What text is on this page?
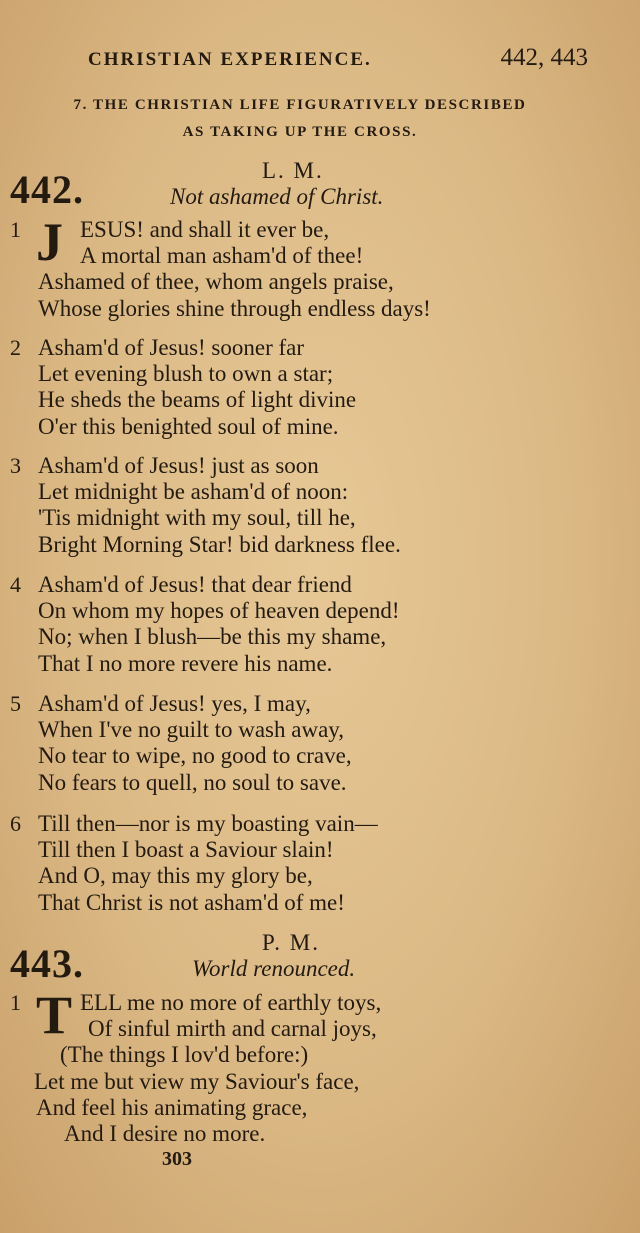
CHRISTIAN EXPERIENCE.	442, 443
7. THE CHRISTIAN LIFE FIGURATIVELY DESCRIBED
AS TAKING UP THE CROSS.
442.	L. M.
Not ashamed of Christ.
1 J ESUS! and shall it ever be,
A mortal man asham'd of thee!
Ashamed of thee, whom angels praise,
Whose glories shine through endless days!
2 Asham'd of Jesus! sooner far
Let evening blush to own a star;
He sheds the beams of light divine
O'er this benighted soul of mine.
3 Asham'd of Jesus! just as soon
Let midnight be asham'd of noon:
'Tis midnight with my soul, till he,
Bright Morning Star! bid darkness flee.
4 Asham'd of Jesus! that dear friend
On whom my hopes of heaven depend!
No; when I blush—be this my shame,
That I no more revere his name.
5 Asham'd of Jesus! yes, I may,
When I've no guilt to wash away,
No tear to wipe, no good to crave,
No fears to quell, no soul to save.
6 Till then—nor is my boasting vain—
Till then I boast a Saviour slain!
And O, may this my glory be,
That Christ is not asham'd of me!
443.	P. M.
World renounced.
1 T ELL me no more of earthly toys,
Of sinful mirth and carnal joys,
(The things I lov'd before:)
Let me but view my Saviour's face,
And feel his animating grace,
And I desire no more.
303
